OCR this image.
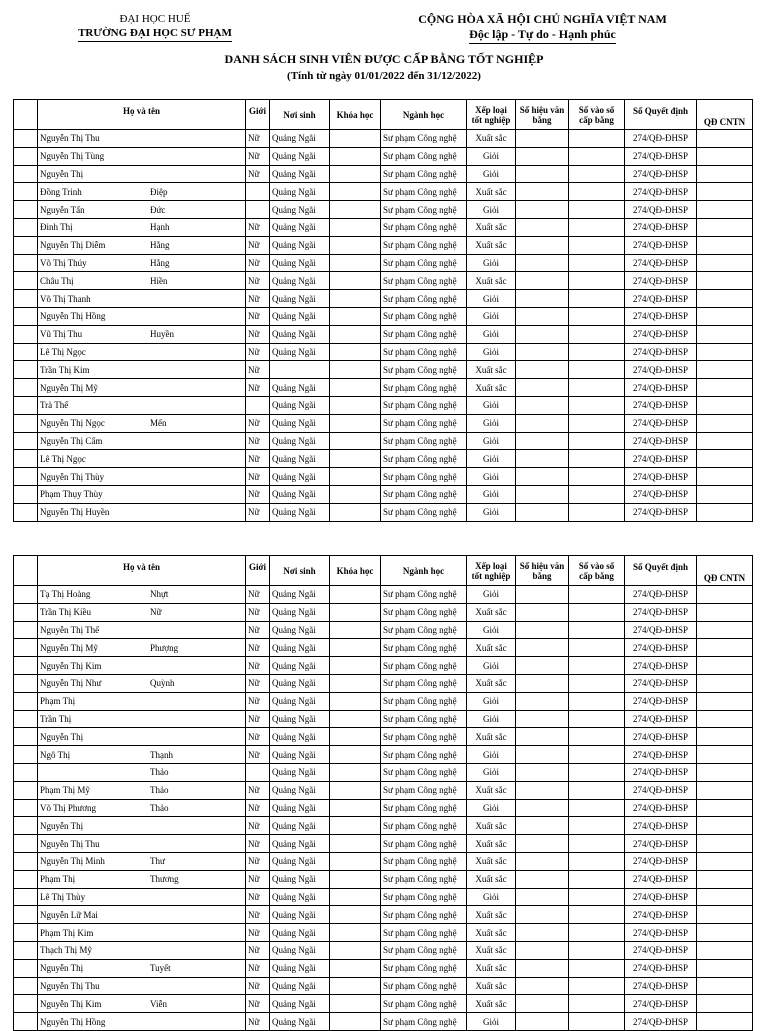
ĐẠI HỌC HUẾ
TRƯỜNG ĐẠI HỌC SƯ PHẠM
CỘNG HÒA XÃ HỘI CHỦ NGHĨA VIỆT NAM
Độc lập - Tự do - Hạnh phúc
DANH SÁCH SINH VIÊN ĐƯỢC CẤP BẰNG TỐT NGHIỆP
(Tính từ ngày 01/01/2022 đến 31/12/2022)
	Họ và tên	Giới	Nơi sinh	Khóa học	Ngành học	Xếp loại tốt nghiệp	Số hiệu văn bằng	Số vào sổ cấp bằng	Số Quyết định	QĐ CNTN

	Nguyễn Thị Thu	Nữ	Quảng Ngãi		Sư phạm Công nghệ	Xuất sắc			274/QĐ-ĐHSP	

	Nguyễn Thị Tùng	Nữ	Quảng Ngãi		Sư phạm Công nghệ	Giỏi			274/QĐ-ĐHSP	

	Nguyễn Thị	Nữ	Quảng Ngãi		Sư phạm Công nghệ	Giỏi			274/QĐ-ĐHSP	

	Đồng Trinh Điệp		Quảng Ngãi		Sư phạm Công nghệ	Xuất sắc			274/QĐ-ĐHSP	

	Nguyễn Tấn Đức		Quảng Ngãi		Sư phạm Công nghệ	Giỏi			274/QĐ-ĐHSP	

	Đinh Thị Hạnh	Nữ	Quảng Ngãi		Sư phạm Công nghệ	Xuất sắc			274/QĐ-ĐHSP	

	Nguyễn Thị Diễm Hằng	Nữ	Quảng Ngãi		Sư phạm Công nghệ	Xuất sắc			274/QĐ-ĐHSP	

	Võ Thị Thúy Hằng	Nữ	Quảng Ngãi		Sư phạm Công nghệ	Giỏi			274/QĐ-ĐHSP	

	Châu Thị Hiền	Nữ	Quảng Ngãi		Sư phạm Công nghệ	Xuất sắc			274/QĐ-ĐHSP	

	Võ Thị Thanh	Nữ	Quảng Ngãi		Sư phạm Công nghệ	Giỏi			274/QĐ-ĐHSP	

	Nguyễn Thị Hồng	Nữ	Quảng Ngãi		Sư phạm Công nghệ	Giỏi			274/QĐ-ĐHSP	

	Vũ Thị Thu Huyền	Nữ	Quảng Ngãi		Sư phạm Công nghệ	Giỏi			274/QĐ-ĐHSP	

	Lê Thị Ngọc	Nữ	Quảng Ngãi		Sư phạm Công nghệ	Giỏi			274/QĐ-ĐHSP	

	Trần Thị Kim	Nữ			Sư phạm Công nghệ	Xuất sắc			274/QĐ-ĐHSP	

	Nguyễn Thị Mỹ	Nữ	Quảng Ngãi		Sư phạm Công nghệ	Xuất sắc			274/QĐ-ĐHSP	

	Trà Thế		Quảng Ngãi		Sư phạm Công nghệ	Giỏi			274/QĐ-ĐHSP	

	Nguyễn Thị Ngọc Mến	Nữ	Quảng Ngãi		Sư phạm Công nghệ	Giỏi			274/QĐ-ĐHSP	

	Nguyễn Thị Cẩm	Nữ	Quảng Ngãi		Sư phạm Công nghệ	Giỏi			274/QĐ-ĐHSP	

	Lê Thị Ngọc	Nữ	Quảng Ngãi		Sư phạm Công nghệ	Giỏi			274/QĐ-ĐHSP	

	Nguyễn Thị Thùy	Nữ	Quảng Ngãi		Sư phạm Công nghệ	Giỏi			274/QĐ-ĐHSP	

	Phạm Thụy Thùy	Nữ	Quảng Ngãi		Sư phạm Công nghệ	Giỏi			274/QĐ-ĐHSP	

	Nguyễn Thị Huyền	Nữ	Quảng Ngãi		Sư phạm Công nghệ	Giỏi			274/QĐ-ĐHSP	
	Họ và tên	Giới	Nơi sinh	Khóa học	Ngành học	Xếp loại tốt nghiệp	Số hiệu văn bằng	Số vào sổ cấp bằng	Số Quyết định	QĐ CNTN

	Tạ Thị Hoàng Nhựt	Nữ	Quảng Ngãi		Sư phạm Công nghệ	Giỏi			274/QĐ-ĐHSP	

	Trần Thị Kiều Nữ	Nữ	Quảng Ngãi		Sư phạm Công nghệ	Xuất sắc			274/QĐ-ĐHSP	

	Nguyễn Thị Thế	Nữ	Quảng Ngãi		Sư phạm Công nghệ	Giỏi			274/QĐ-ĐHSP	

	Nguyễn Thị Mỹ Phượng	Nữ	Quảng Ngãi		Sư phạm Công nghệ	Xuất sắc			274/QĐ-ĐHSP	

	Nguyễn Thị Kim	Nữ	Quảng Ngãi		Sư phạm Công nghệ	Giỏi			274/QĐ-ĐHSP	

	Nguyễn Thị Như Quỳnh	Nữ	Quảng Ngãi		Sư phạm Công nghệ	Xuất sắc			274/QĐ-ĐHSP	

	Phạm Thị	Nữ	Quảng Ngãi		Sư phạm Công nghệ	Giỏi			274/QĐ-ĐHSP	

	Trần Thị	Nữ	Quảng Ngãi		Sư phạm Công nghệ	Giỏi			274/QĐ-ĐHSP	

	Nguyễn Thị	Nữ	Quảng Ngãi		Sư phạm Công nghệ	Xuất sắc			274/QĐ-ĐHSP	

	Ngô Thị Thạnh	Nữ	Quảng Ngãi		Sư phạm Công nghệ	Giỏi			274/QĐ-ĐHSP	

	Thảo		Quảng Ngãi		Sư phạm Công nghệ	Giỏi			274/QĐ-ĐHSP	

	Phạm Thị Mỹ Thảo	Nữ	Quảng Ngãi		Sư phạm Công nghệ	Xuất sắc			274/QĐ-ĐHSP	

	Võ Thị Phương Thảo	Nữ	Quảng Ngãi		Sư phạm Công nghệ	Giỏi			274/QĐ-ĐHSP	

	Nguyễn Thị	Nữ	Quảng Ngãi		Sư phạm Công nghệ	Xuất sắc			274/QĐ-ĐHSP	

	Nguyễn Thị Thu	Nữ	Quảng Ngãi		Sư phạm Công nghệ	Xuất sắc			274/QĐ-ĐHSP	

	Nguyễn Thị Minh Thư	Nữ	Quảng Ngãi		Sư phạm Công nghệ	Xuất sắc			274/QĐ-ĐHSP	

	Phạm Thị Thương	Nữ	Quảng Ngãi		Sư phạm Công nghệ	Xuất sắc			274/QĐ-ĐHSP	

	Lê Thị Thùy	Nữ	Quảng Ngãi		Sư phạm Công nghệ	Giỏi			274/QĐ-ĐHSP	

	Nguyễn Lữ Mai	Nữ	Quảng Ngãi		Sư phạm Công nghệ	Xuất sắc			274/QĐ-ĐHSP	

	Phạm Thị Kim	Nữ	Quảng Ngãi		Sư phạm Công nghệ	Xuất sắc			274/QĐ-ĐHSP	

	Thạch Thị Mỹ	Nữ	Quảng Ngãi		Sư phạm Công nghệ	Xuất sắc			274/QĐ-ĐHSP	

	Nguyễn Thị Tuyết	Nữ	Quảng Ngãi		Sư phạm Công nghệ	Xuất sắc			274/QĐ-ĐHSP	

	Nguyễn Thị Thu	Nữ	Quảng Ngãi		Sư phạm Công nghệ	Xuất sắc			274/QĐ-ĐHSP	

	Nguyễn Thị Kim Viễn	Nữ	Quảng Ngãi		Sư phạm Công nghệ	Xuất sắc			274/QĐ-ĐHSP	

	Nguyễn Thị Hồng	Nữ	Quảng Ngãi		Sư phạm Công nghệ	Giỏi			274/QĐ-ĐHSP	
